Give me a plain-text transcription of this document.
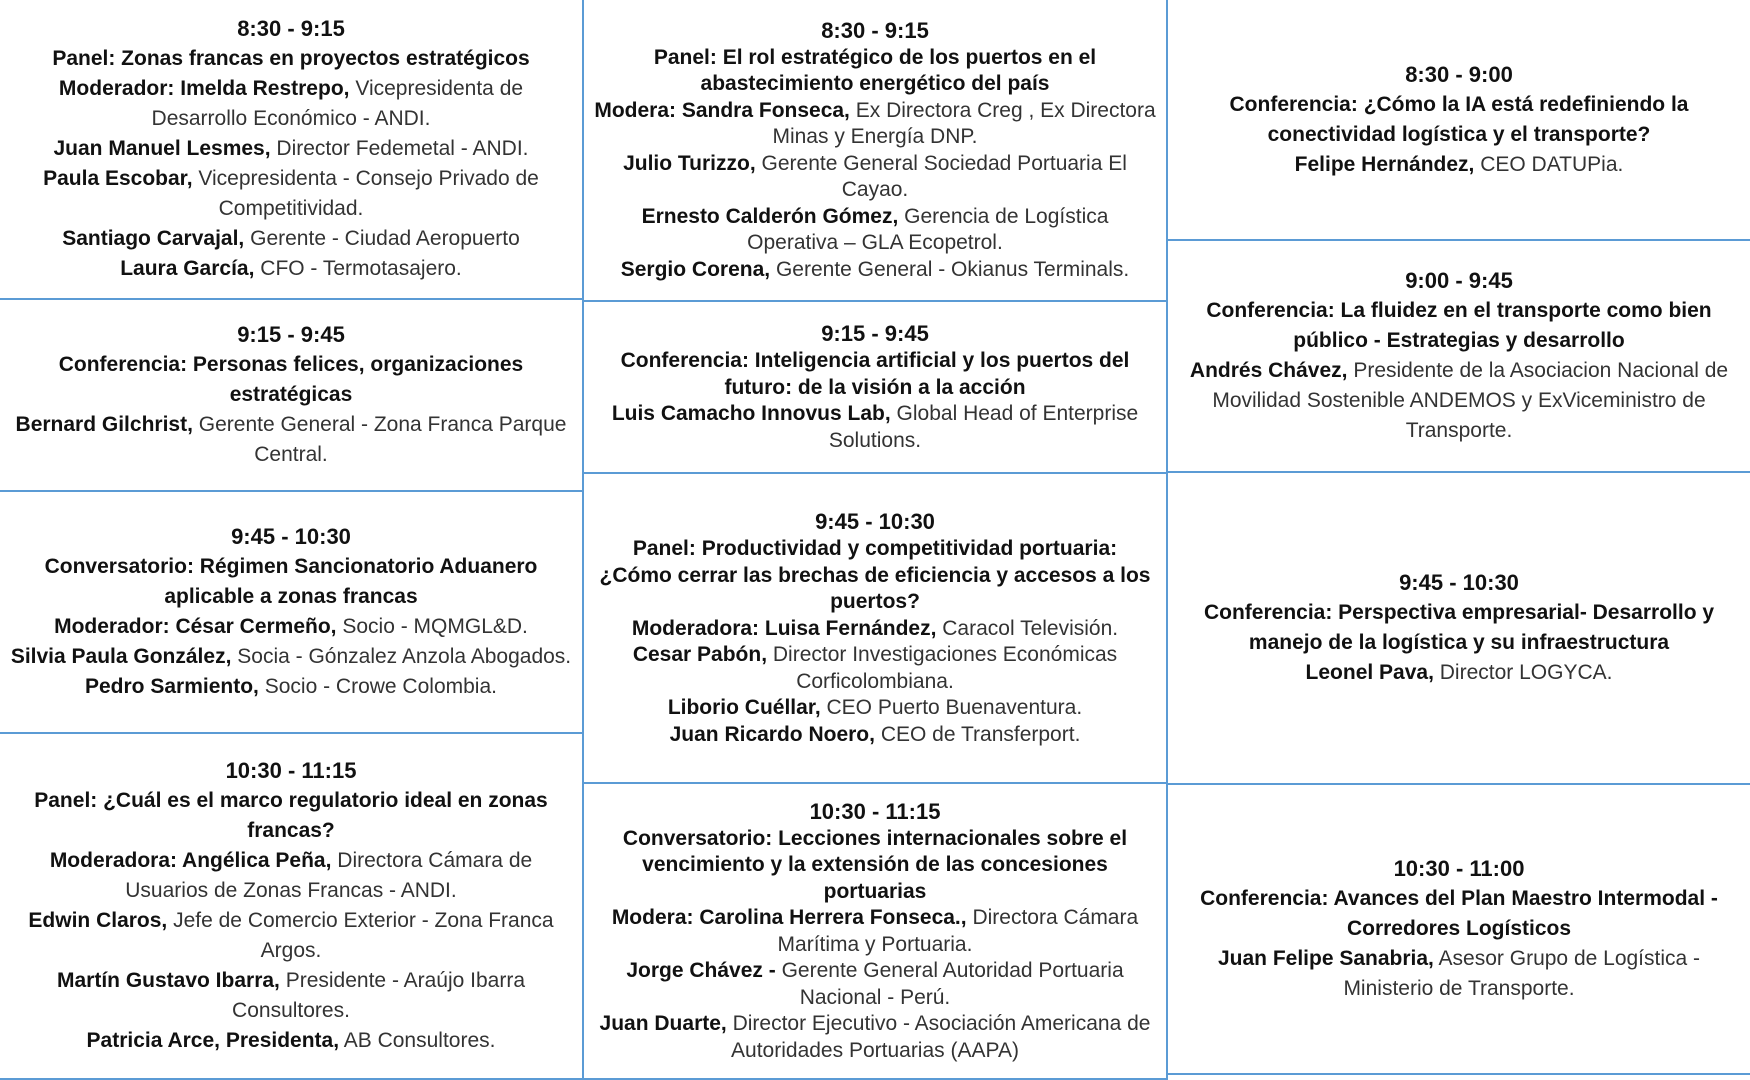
8:30 - 9:15
Panel: Zonas francas en proyectos estratégicos
Moderador: Imelda Restrepo, Vicepresidenta de Desarrollo Económico - ANDI.
Juan Manuel Lesmes, Director Fedemetal - ANDI.
Paula Escobar, Vicepresidenta - Consejo Privado de Competitividad.
Santiago Carvajal, Gerente - Ciudad Aeropuerto
Laura García, CFO - Termotasajero.
9:15 - 9:45
Conferencia: Personas felices, organizaciones estratégicas
Bernard Gilchrist, Gerente General - Zona Franca Parque Central.
9:45 - 10:30
Conversatorio: Régimen Sancionatorio Aduanero aplicable a zonas francas
Moderador: César Cermeño, Socio - MQMGL&D.
Silvia Paula González, Socia - Gónzalez Anzola Abogados.
Pedro Sarmiento, Socio - Crowe Colombia.
10:30 - 11:15
Panel: ¿Cuál es el marco regulatorio ideal en zonas francas?
Moderadora: Angélica Peña, Directora Cámara de Usuarios de Zonas Francas - ANDI.
Edwin Claros, Jefe de Comercio Exterior - Zona Franca Argos.
Martín Gustavo Ibarra, Presidente - Araújo Ibarra Consultores.
Patricia Arce, Presidenta, AB Consultores.
8:30 - 9:15
Panel: El rol estratégico de los puertos en el abastecimiento energético del país
Modera: Sandra Fonseca, Ex Directora Creg , Ex Directora Minas y Energía DNP.
Julio Turizzo, Gerente General Sociedad Portuaria El Cayao.
Ernesto Calderón Gómez, Gerencia de Logística Operativa – GLA Ecopetrol.
Sergio Corena, Gerente General - Okianus Terminals.
9:15 - 9:45
Conferencia: Inteligencia artificial y los puertos del futuro: de la visión a la acción
Luis Camacho Innovus Lab, Global Head of Enterprise Solutions.
9:45 - 10:30
Panel: Productividad y competitividad portuaria: ¿Cómo cerrar las brechas de eficiencia y accesos a los puertos?
Moderadora: Luisa Fernández, Caracol Televisión.
Cesar Pabón, Director Investigaciones Económicas Corficolombiana.
Liborio Cuéllar, CEO Puerto Buenaventura.
Juan Ricardo Noero, CEO de Transferport.
10:30 - 11:15
Conversatorio: Lecciones internacionales sobre el vencimiento y la extensión de las concesiones portuarias
Modera: Carolina Herrera Fonseca., Directora Cámara Marítima y Portuaria.
Jorge Chávez - Gerente General Autoridad Portuaria Nacional - Perú.
Juan Duarte, Director Ejecutivo - Asociación Americana de Autoridades Portuarias (AAPA)
8:30 - 9:00
Conferencia: ¿Cómo la IA está redefiniendo la conectividad logística y el transporte?
Felipe Hernández, CEO DATUPia.
9:00 - 9:45
Conferencia: La fluidez en el transporte como bien público - Estrategias y desarrollo
Andrés Chávez, Presidente de la Asociacion Nacional de Movilidad Sostenible ANDEMOS y ExViceministro de Transporte.
9:45 - 10:30
Conferencia: Perspectiva empresarial- Desarrollo y manejo de la logística y su infraestructura
Leonel Pava, Director LOGYCA.
10:30 - 11:00
Conferencia: Avances del Plan Maestro Intermodal - Corredores Logísticos
Juan Felipe Sanabria, Asesor Grupo de Logística - Ministerio de Transporte.
